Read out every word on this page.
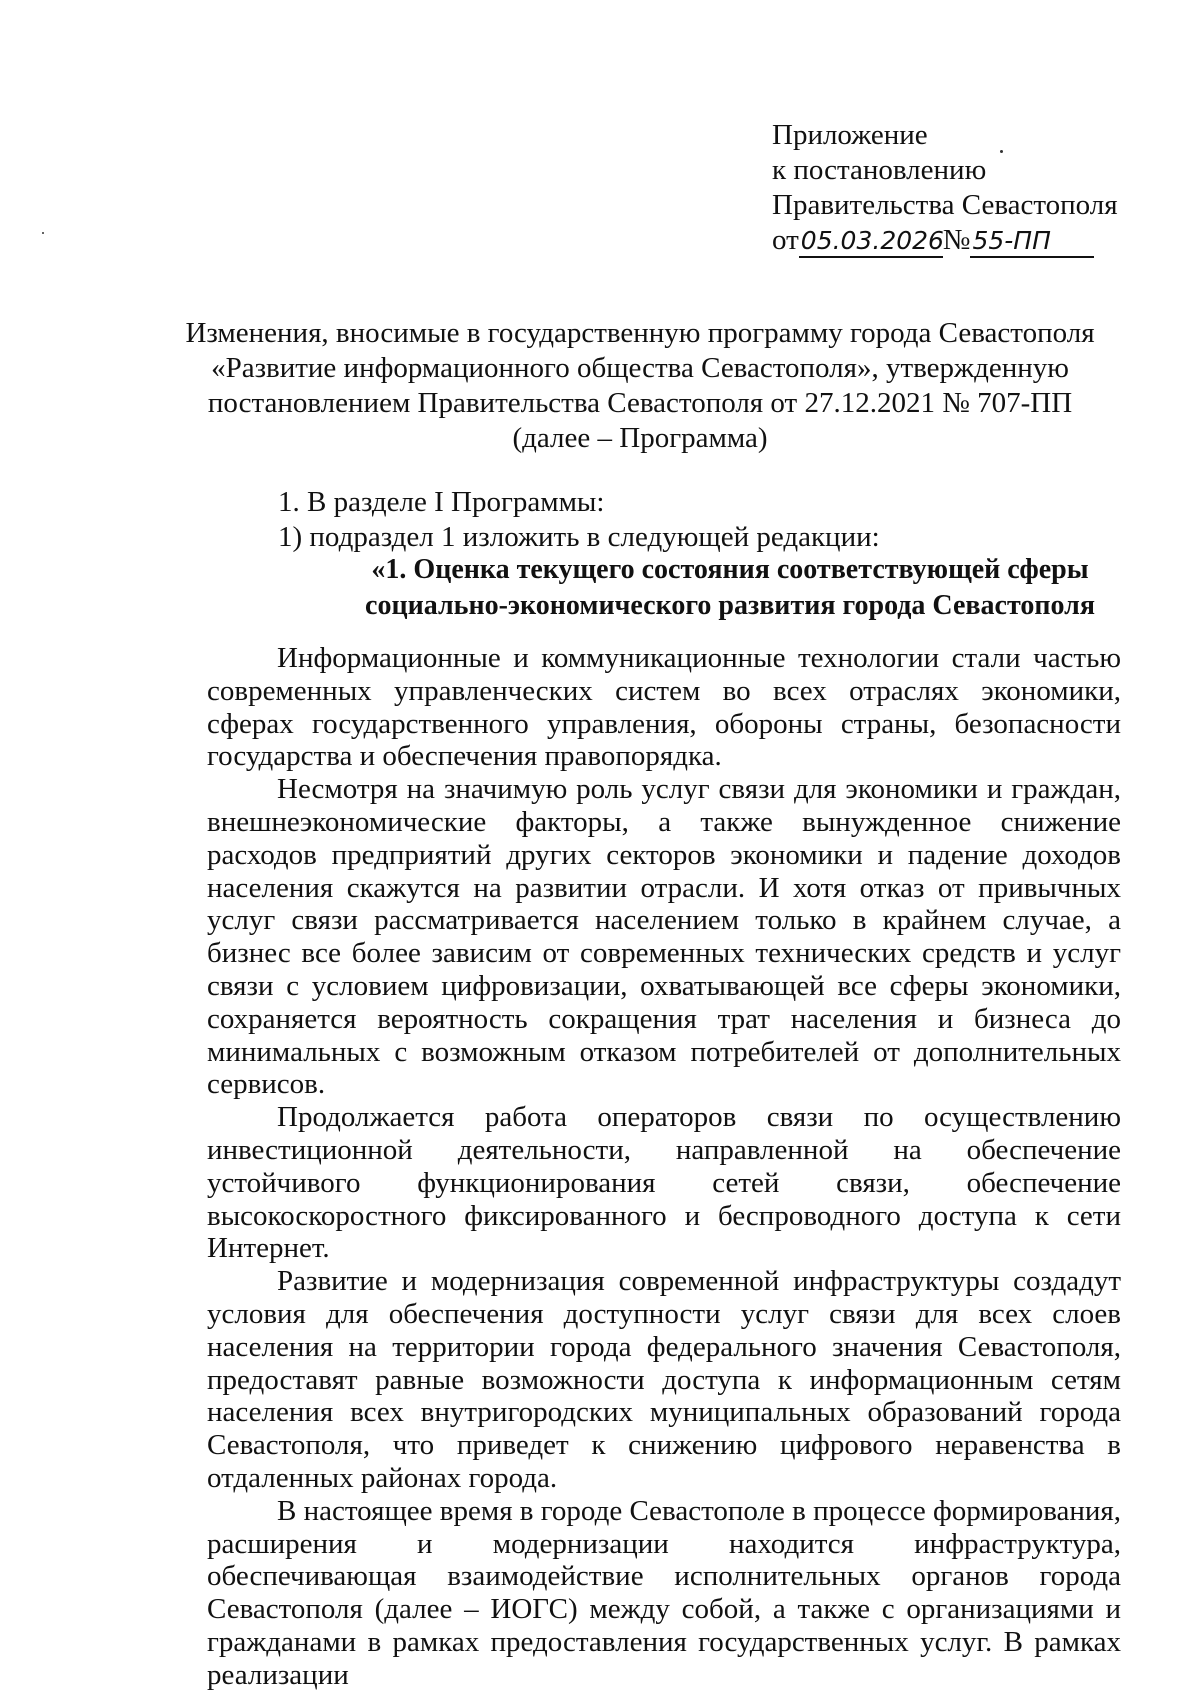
Приложение
к постановлению
Правительства Севастополя
от05.03.2026№55-ПП
Изменения, вносимые в государственную программу города Севастополя
«Развитие информационного общества Севастополя», утвержденную
постановлением Правительства Севастополя от 27.12.2021 № 707-ПП
(далее – Программа)
1. В разделе I Программы:
1) подраздел 1 изложить в следующей редакции:
«1. Оценка текущего состояния соответствующей сферы
социально-экономического развития города Севастополя

Информационные и коммуникационные технологии стали частью современных управленческих систем во всех отраслях экономики, сферах государственного управления, обороны страны, безопасности государства и обеспечения правопорядка.

Несмотря на значимую роль услуг связи для экономики и граждан, внешнеэкономические факторы, а также вынужденное снижение расходов предприятий других секторов экономики и падение доходов населения скажутся на развитии отрасли. И хотя отказ от привычных услуг связи рассматривается населением только в крайнем случае, а бизнес все более зависим от современных технических средств и услуг связи с условием цифровизации, охватывающей все сферы экономики, сохраняется вероятность сокращения трат населения и бизнеса до минимальных с возможным отказом потребителей от дополнительных сервисов.

Продолжается работа операторов связи по осуществлению инвестиционной деятельности, направленной на обеспечение устойчивого функционирования сетей связи, обеспечение высокоскоростного фиксированного и беспроводного доступа к сети Интернет.

Развитие и модернизация современной инфраструктуры создадут условия для обеспечения доступности услуг связи для всех слоев населения на территории города федерального значения Севастополя, предоставят равные возможности доступа к информационным сетям населения всех внутригородских муниципальных образований города Севастополя, что приведет к снижению цифрового неравенства в отдаленных районах города.

В настоящее время в городе Севастополе в процессе формирования, расширения и модернизации находится инфраструктура, обеспечивающая взаимодействие исполнительных органов города Севастополя (далее – ИОГС) между собой, а также с организациями и гражданами в рамках предоставления государственных услуг. В рамках реализации
